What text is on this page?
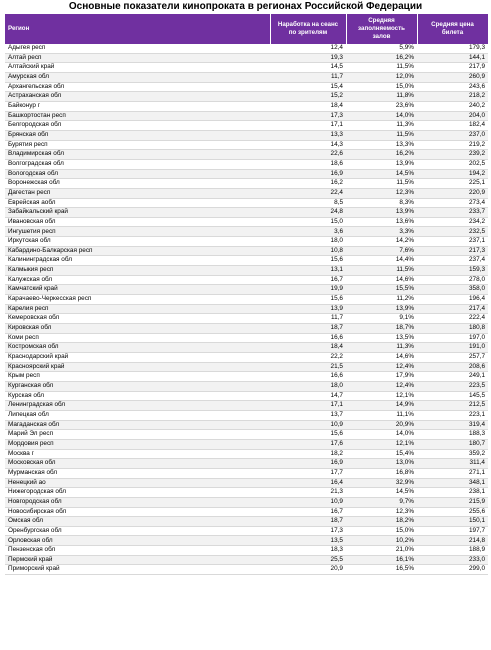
Основные показатели кинопроката в регионах Российской Федерации
Регион	Наработка на сеанс по зрителям	Средняя заполняемость залов	Средняя цена билета
Адыгея респ	12,4	5,9%	179,3
Алтай респ	19,3	16,2%	144,1
Алтайский край	14,5	11,5%	217,9
Амурская обл	11,7	12,0%	260,9
Архангельская обл	15,4	15,0%	243,6
Астраханская обл	15,2	11,8%	218,2
Байконур г	18,4	23,6%	240,2
Башкортостан респ	17,3	14,0%	204,0
Белгородская обл	17,1	11,3%	182,4
Брянская обл	13,3	11,5%	237,0
Бурятия респ	14,3	13,3%	219,2
Владимирская обл	22,6	16,2%	239,2
Волгоградская обл	18,6	13,9%	202,5
Вологодская обл	16,9	14,5%	194,2
Воронежская обл	16,2	11,5%	225,1
Дагестан респ	22,4	12,3%	220,9
Еврейская аобл	8,5	8,3%	273,4
Забайкальский край	24,8	13,9%	233,7
Ивановская обл	15,0	13,6%	234,2
Ингушетия респ	3,6	3,3%	232,5
Иркутская обл	18,0	14,2%	237,1
Кабардино-Балкарская респ	10,8	7,6%	217,3
Калининградская обл	15,6	14,4%	237,4
Калмыкия респ	13,1	11,5%	159,3
Калужская обл	16,7	14,6%	278,0
Камчатский край	19,9	15,5%	358,0
Карачаево-Черкесская респ	15,6	11,2%	196,4
Карелия респ	13,9	13,9%	217,4
Кемеровская обл	11,7	9,1%	222,4
Кировская обл	18,7	18,7%	180,8
Коми респ	16,6	13,5%	197,0
Костромская обл	18,4	11,3%	191,0
Краснодарский край	22,2	14,6%	257,7
Красноярский край	21,5	12,4%	208,6
Крым респ	16,6	17,9%	249,1
Курганская обл	18,0	12,4%	223,5
Курская обл	14,7	12,1%	145,5
Ленинградская обл	17,1	14,9%	212,5
Липецкая обл	13,7	11,1%	223,1
Магаданская обл	10,9	20,9%	319,4
Марий Эл респ	15,6	14,0%	188,3
Мордовия респ	17,6	12,1%	180,7
Москва г	18,2	15,4%	359,2
Московская обл	16,9	13,0%	311,4
Мурманская обл	17,7	16,8%	271,1
Ненецкий ао	16,4	32,9%	348,1
Нижегородская обл	21,3	14,5%	238,1
Новгородская обл	10,9	9,7%	215,9
Новосибирская обл	16,7	12,3%	255,6
Омская обл	18,7	18,2%	150,1
Оренбургская обл	17,3	15,0%	197,7
Орловская обл	13,5	10,2%	214,8
Пензенская обл	18,3	21,0%	188,9
Пермский край	25,5	16,1%	233,0
Приморский край	20,9	16,5%	299,0
